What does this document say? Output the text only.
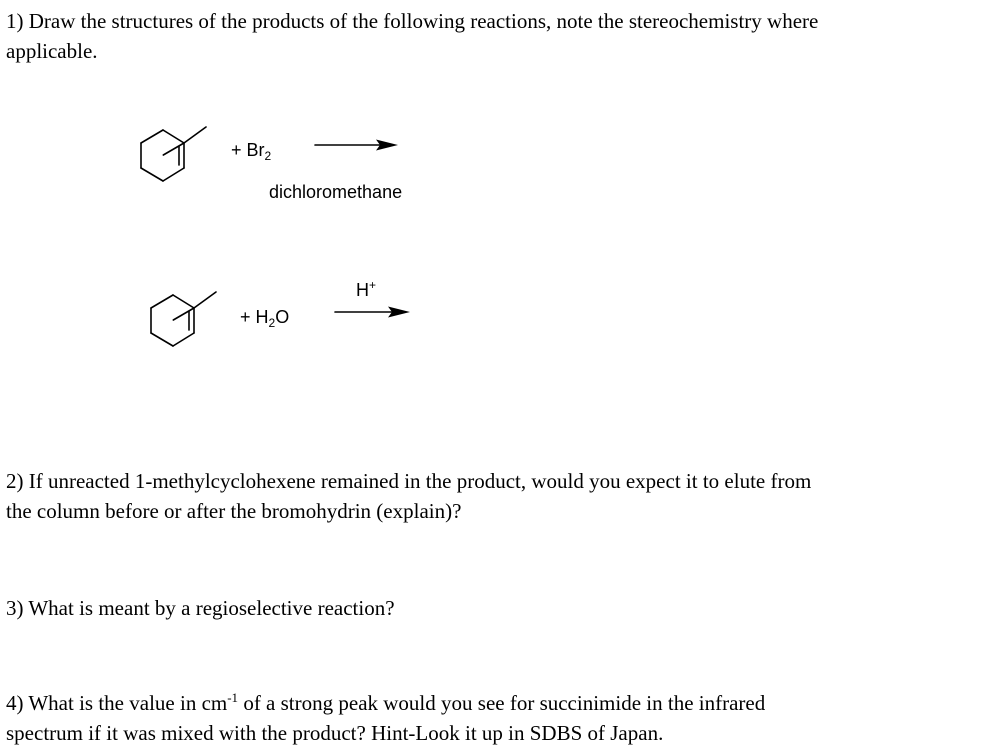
1) Draw the structures of the products of the following reactions, note the stereochemistry where
applicable.

+ $Br_2$
dichloromethane
+ $H_2O$
H+

2) If unreacted 1-methylcyclohexene remained in the product, would you expect it to elute from
the column before or after the bromohydrin (explain)?

3) What is meant by a regioselective reaction?

4) What is the value in $cm^{-1}$ of a strong peak would you see for succinimide in the infrared
spectrum if it was mixed with the product? Hint-Look it up in SDBS of Japan.
